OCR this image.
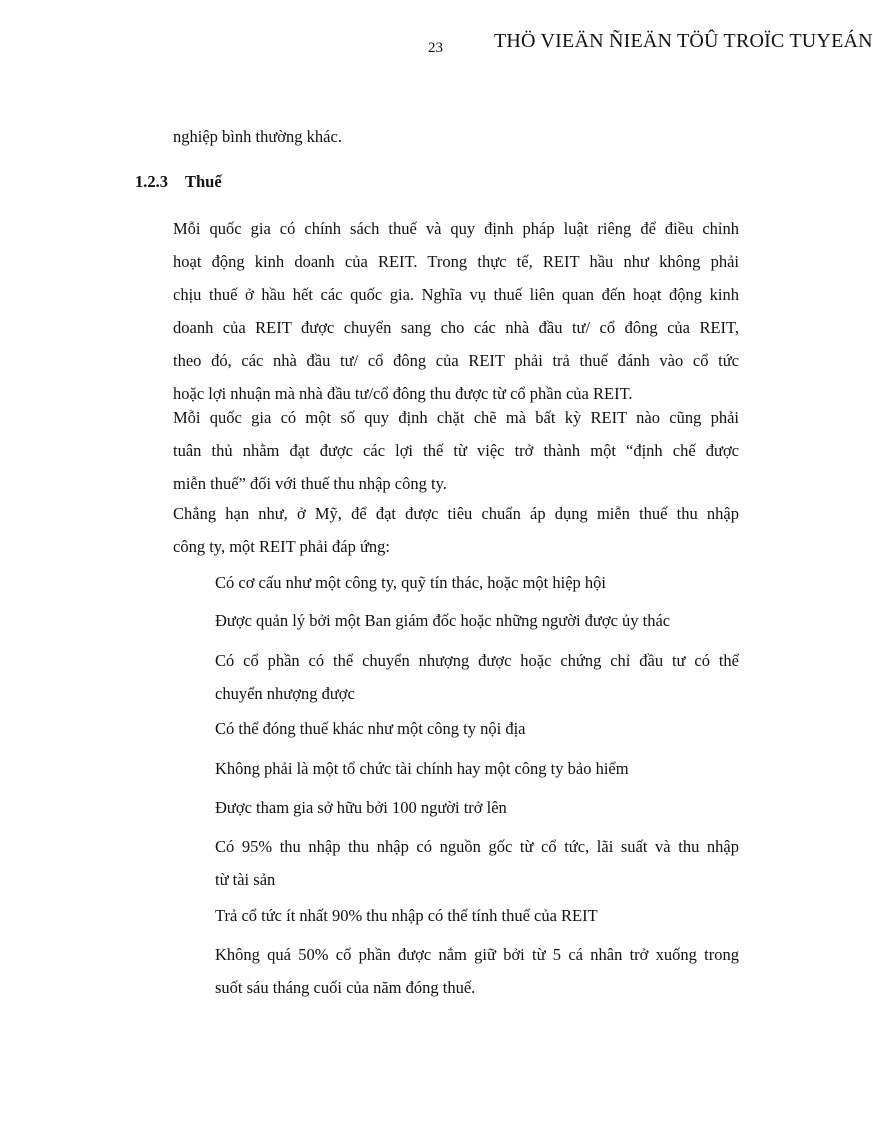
23	THÖ VIEÄN ÑIEÄN TÖÛ TROÏC TUYEÁN

nghiệp bình thường khác.

1.2.3 Thuế

Mỗi quốc gia có chính sách thuế và quy định pháp luật riêng để điều chỉnh
hoạt động kinh doanh của REIT. Trong thực tế, REIT hầu như không phải
chịu thuế ở hầu hết các quốc gia. Nghĩa vụ thuế liên quan đến hoạt động kinh
doanh của REIT được chuyển sang cho các nhà đầu tư/ cổ đông của REIT,
theo đó, các nhà đầu tư/ cổ đông của REIT phải trả thuế đánh vào cổ tức
hoặc lợi nhuận mà nhà đầu tư/cổ đông thu được từ cổ phần của REIT.

Mỗi quốc gia có một số quy định chặt chẽ mà bất kỳ REIT nào cũng phải
tuân thủ nhằm đạt được các lợi thế từ việc trở thành một “định chế được
miễn thuế” đối với thuế thu nhập công ty.

Chẳng hạn như, ở Mỹ, để đạt được tiêu chuẩn áp dụng miễn thuế thu nhập
công ty, một REIT phải đáp ứng:

Có cơ cấu như một công ty, quỹ tín thác, hoặc một hiệp hội

Được quản lý bởi một Ban giám đốc hoặc những người được ủy thác

Có cổ phần có thể chuyển nhượng được hoặc chứng chỉ đầu tư có thể
chuyển nhượng được

Có thể đóng thuế khác như một công ty nội địa

Không phải là một tổ chức tài chính hay một công ty bảo hiểm

Được tham gia sở hữu bởi 100 người trở lên

Có 95% thu nhập thu nhập có nguồn gốc từ cổ tức, lãi suất và thu nhập
từ tài sản

Trả cổ tức ít nhất 90% thu nhập có thể tính thuế của REIT

Không quá 50% cổ phần được nắm giữ bởi từ 5 cá nhân trở xuống trong
suốt sáu tháng cuối của năm đóng thuế.
